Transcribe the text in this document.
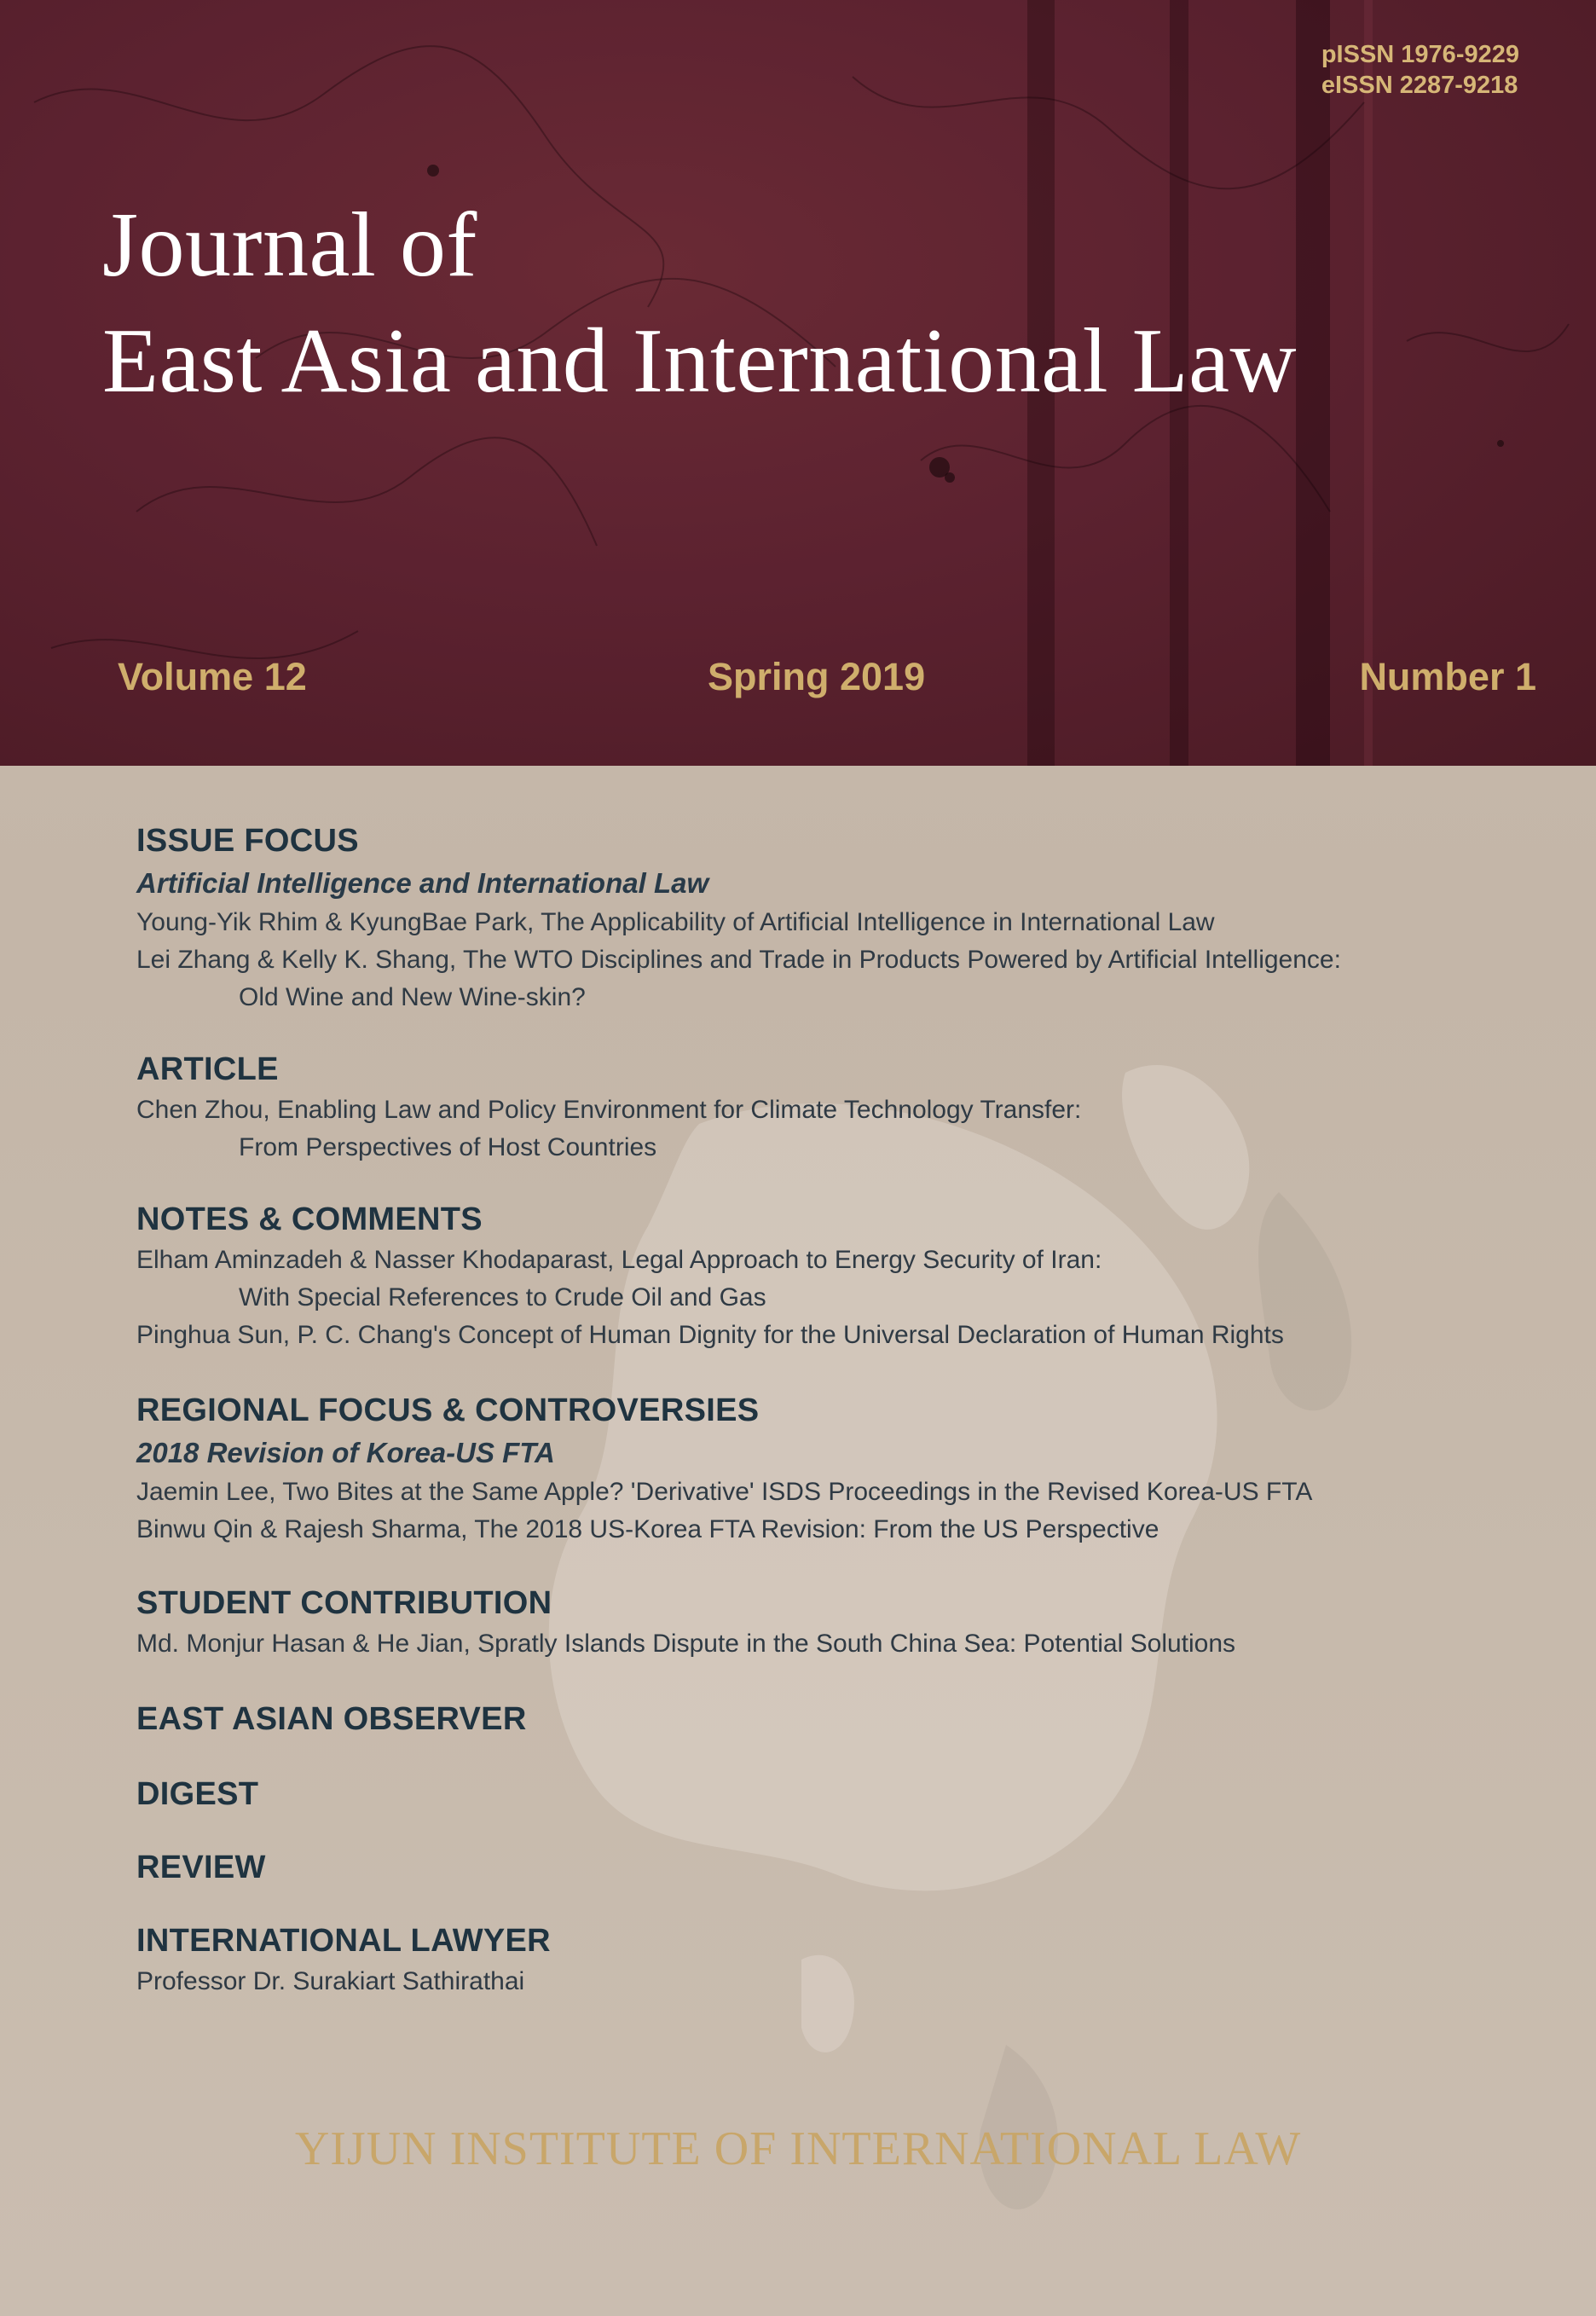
pISSN 1976-9229
eISSN 2287-9218
Journal of
East Asia and International Law

Volume 12	Spring 2019	Number 1

ISSUE FOCUS

Artificial Intelligence and International Law

Young-Yik Rhim & KyungBae Park, The Applicability of Artificial Intelligence in International Law

Lei Zhang & Kelly K. Shang, The WTO Disciplines and Trade in Products Powered by Artificial Intelligence:

Old Wine and New Wine-skin?

ARTICLE

Chen Zhou, Enabling Law and Policy Environment for Climate Technology Transfer:

From Perspectives of Host Countries

NOTES & COMMENTS

Elham Aminzadeh & Nasser Khodaparast, Legal Approach to Energy Security of Iran:

With Special References to Crude Oil and Gas

Pinghua Sun, P. C. Chang's Concept of Human Dignity for the Universal Declaration of Human Rights

REGIONAL FOCUS & CONTROVERSIES

2018 Revision of Korea-US FTA

Jaemin Lee, Two Bites at the Same Apple? 'Derivative' ISDS Proceedings in the Revised Korea-US FTA

Binwu Qin & Rajesh Sharma, The 2018 US-Korea FTA Revision: From the US Perspective

STUDENT CONTRIBUTION

Md. Monjur Hasan & He Jian, Spratly Islands Dispute in the South China Sea: Potential Solutions

EAST ASIAN OBSERVER

DIGEST

REVIEW

INTERNATIONAL LAWYER

Professor Dr. Surakiart Sathirathai

YIJUN INSTITUTE OF INTERNATIONAL LAW
